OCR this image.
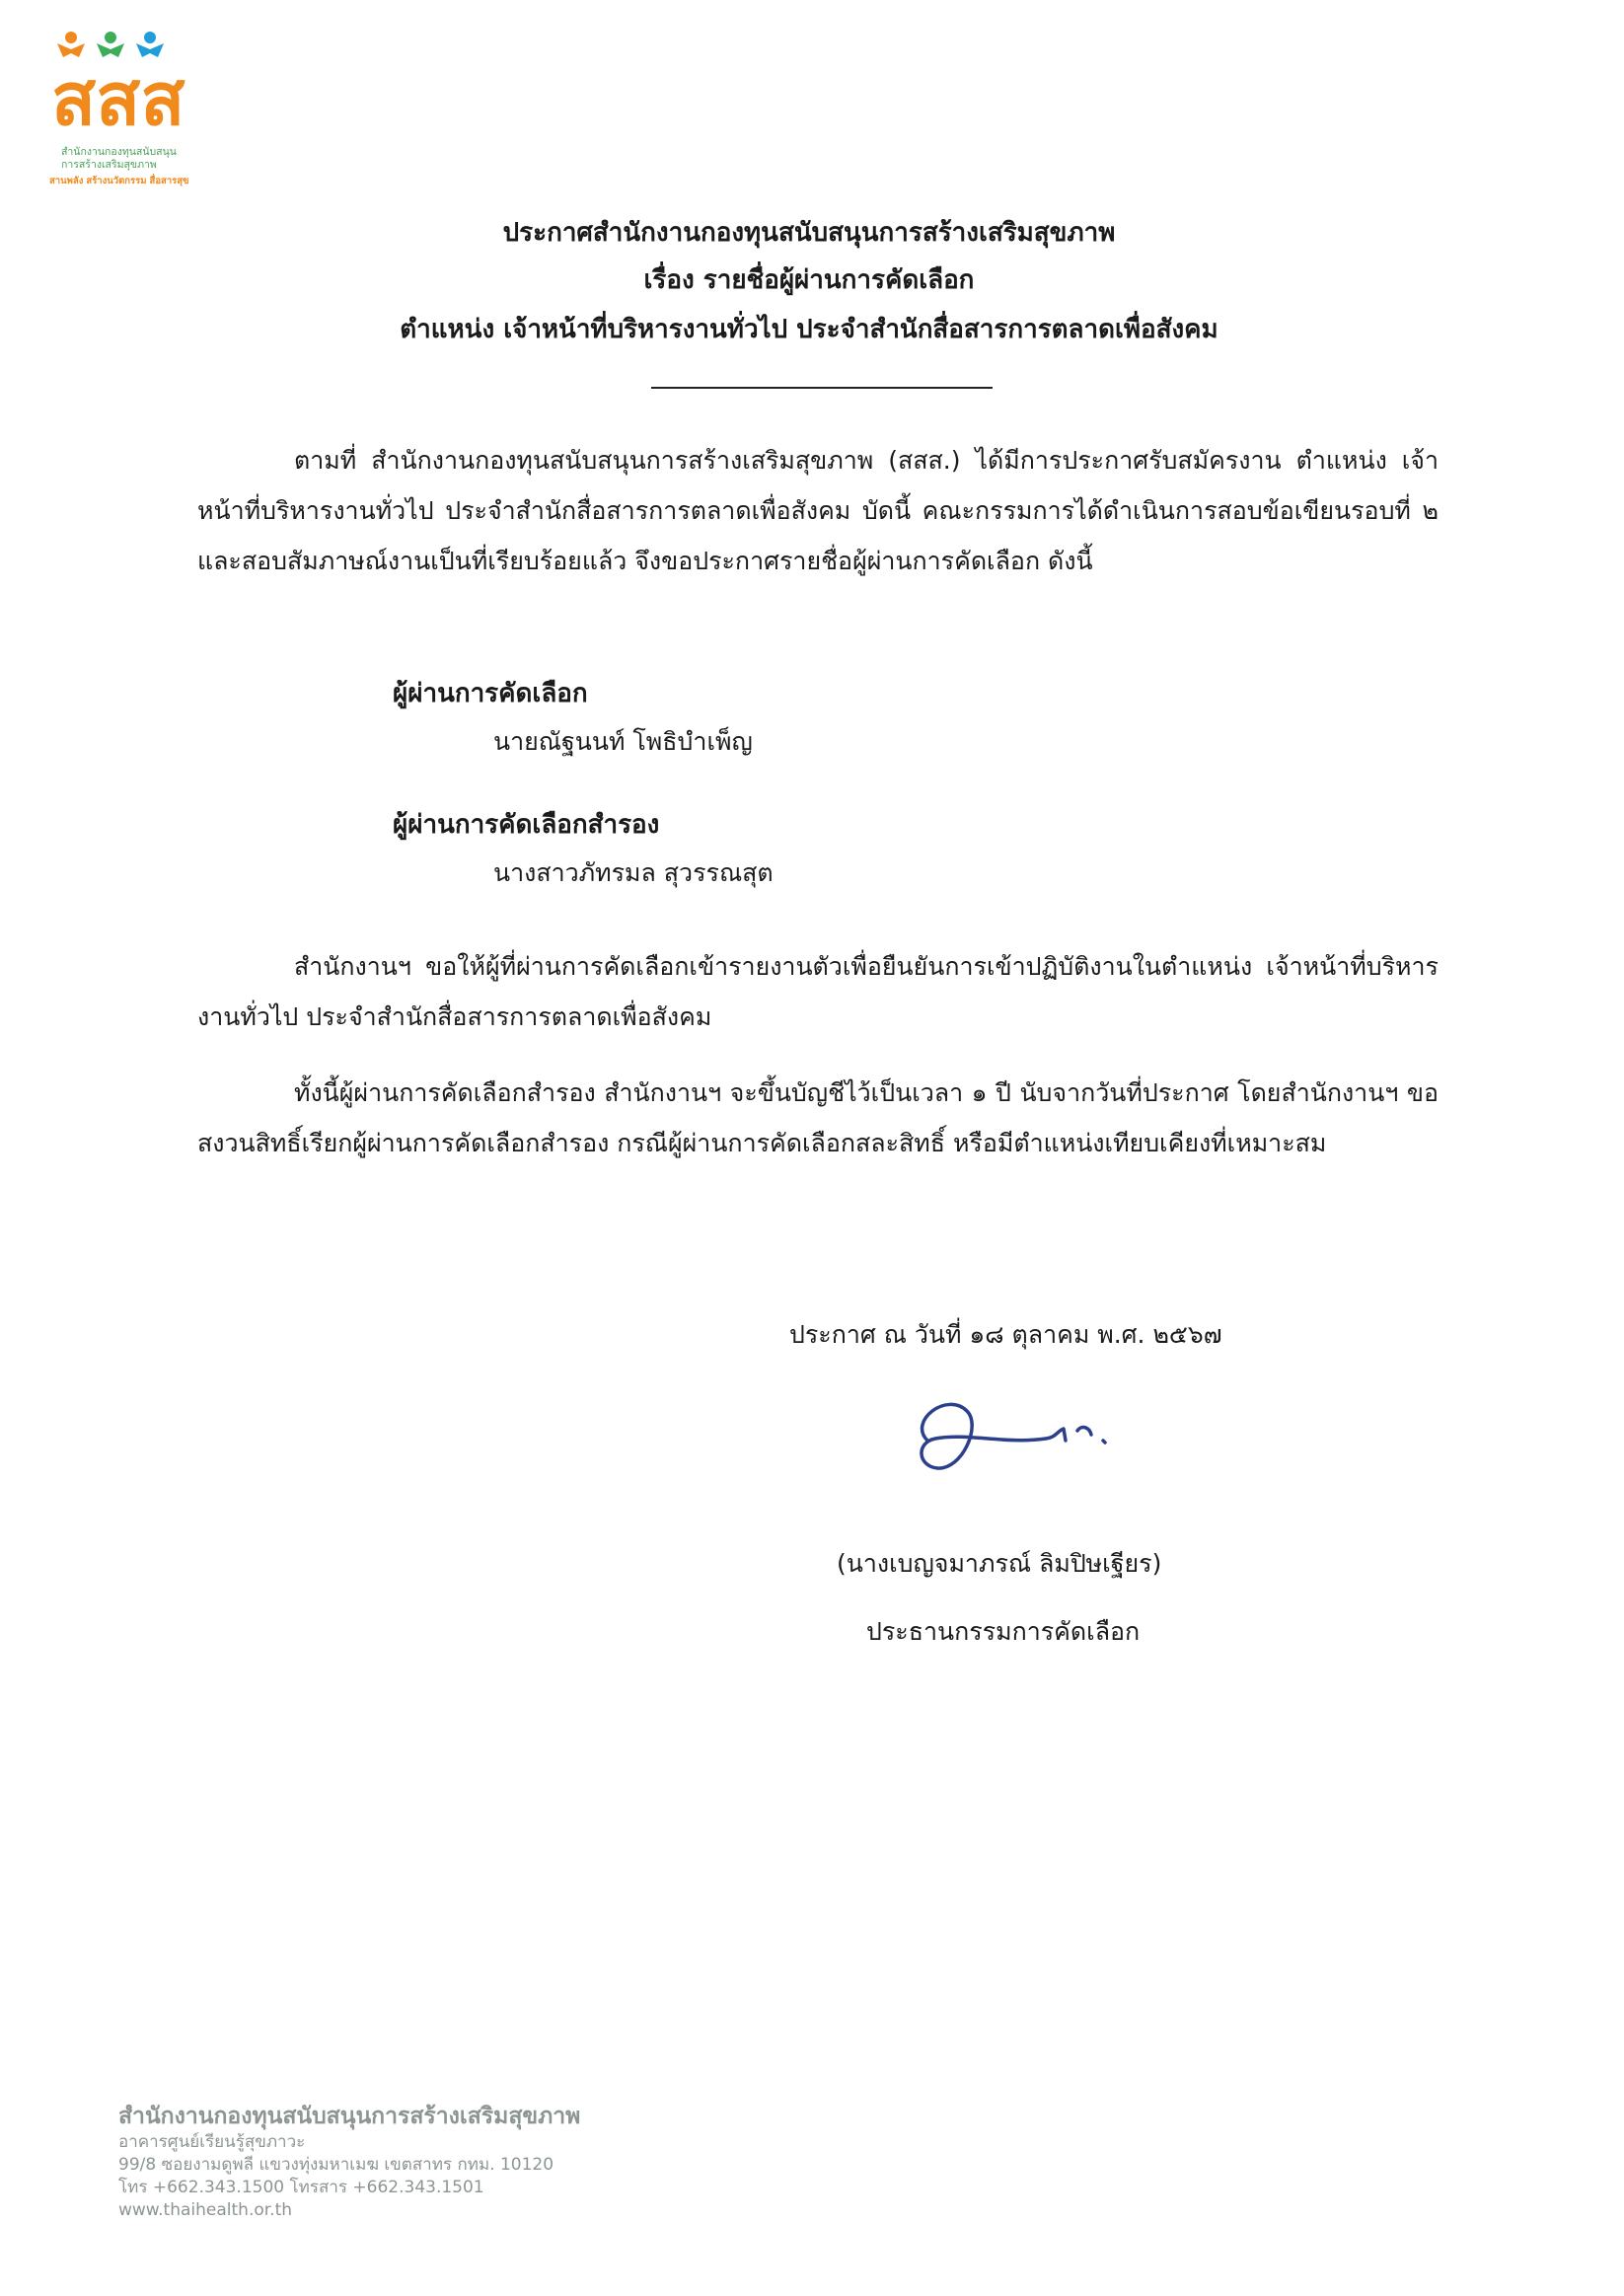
สสส
สำนักงานกองทุนสนับสนุน
การสร้างเสริมสุขภาพ
สานพลัง สร้างนวัตกรรม สื่อสารสุข
ประกาศสำนักงานกองทุนสนับสนุนการสร้างเสริมสุขภาพ
เรื่อง รายชื่อผู้ผ่านการคัดเลือก
ตำแหน่ง เจ้าหน้าที่บริหารงานทั่วไป ประจำสำนักสื่อสารการตลาดเพื่อสังคม
ตามที่ สำนักงานกองทุนสนับสนุนการสร้างเสริมสุขภาพ (สสส.) ได้มีการประกาศรับสมัครงาน ตำแหน่ง เจ้าหน้าที่บริหารงานทั่วไป ประจำสำนักสื่อสารการตลาดเพื่อสังคม บัดนี้ คณะกรรมการได้ดำเนินการสอบข้อเขียนรอบที่ ๒ และสอบสัมภาษณ์งานเป็นที่เรียบร้อยแล้ว จึงขอประกาศรายชื่อผู้ผ่านการคัดเลือก ดังนี้
ผู้ผ่านการคัดเลือก
นายณัฐนนท์ โพธิบำเพ็ญ
ผู้ผ่านการคัดเลือกสำรอง
นางสาวภัทรมล สุวรรณสุต
สำนักงานฯ ขอให้ผู้ที่ผ่านการคัดเลือกเข้ารายงานตัวเพื่อยืนยันการเข้าปฏิบัติงานในตำแหน่ง เจ้าหน้าที่บริหารงานทั่วไป ประจำสำนักสื่อสารการตลาดเพื่อสังคม
ทั้งนี้ผู้ผ่านการคัดเลือกสำรอง สำนักงานฯ จะขึ้นบัญชีไว้เป็นเวลา ๑ ปี นับจากวันที่ประกาศ โดยสำนักงานฯ ขอสงวนสิทธิ์เรียกผู้ผ่านการคัดเลือกสำรอง กรณีผู้ผ่านการคัดเลือกสละสิทธิ์ หรือมีตำแหน่งเทียบเคียงที่เหมาะสม
ประกาศ ณ วันที่ ๑๘ ตุลาคม พ.ศ. ๒๕๖๗
(นางเบญจมาภรณ์ ลิมปิษเฐียร)
ประธานกรรมการคัดเลือก
สำนักงานกองทุนสนับสนุนการสร้างเสริมสุขภาพ
อาคารศูนย์เรียนรู้สุขภาวะ
99/8 ซอยงามดูพลี แขวงทุ่งมหาเมฆ เขตสาทร กทม. 10120
โทร +662.343.1500 โทรสาร +662.343.1501
www.thaihealth.or.th
